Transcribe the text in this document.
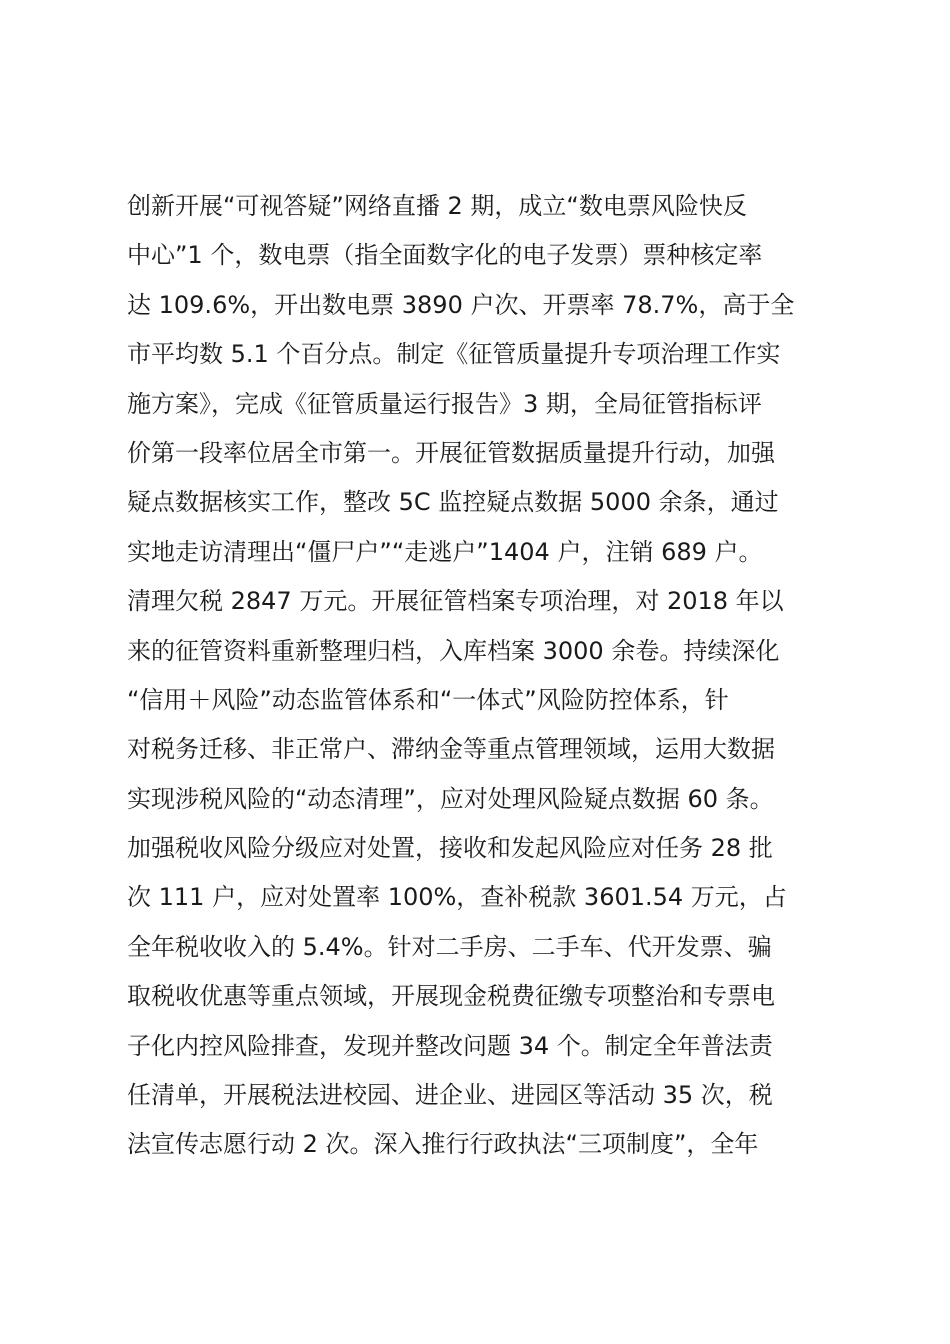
创新开展“可视答疑”网络直播 2 期，成立“数电票风险快反
中心”1 个，数电票（指全面数字化的电子发票）票种核定率
达 109.6%，开出数电票 3890 户次、开票率 78.7%，高于全
市平均数 5.1 个百分点。制定《征管质量提升专项治理工作实
施方案》，完成《征管质量运行报告》3 期，全局征管指标评
价第一段率位居全市第一。开展征管数据质量提升行动，加强
疑点数据核实工作，整改 5C 监控疑点数据 5000 余条，通过
实地走访清理出“僵尸户”“走逃户”1404 户，注销 689 户。
清理欠税 2847 万元。开展征管档案专项治理，对 2018 年以
来的征管资料重新整理归档，入库档案 3000 余卷。持续深化
“信用＋风险”动态监管体系和“一体式”风险防控体系，针
对税务迁移、非正常户、滞纳金等重点管理领域，运用大数据
实现涉税风险的“动态清理”，应对处理风险疑点数据 60 条。
加强税收风险分级应对处置，接收和发起风险应对任务 28 批
次 111 户，应对处置率 100%，查补税款 3601.54 万元，占
全年税收收入的 5.4%。针对二手房、二手车、代开发票、骗
取税收优惠等重点领域，开展现金税费征缴专项整治和专票电
子化内控风险排查，发现并整改问题 34 个。制定全年普法责
任清单，开展税法进校园、进企业、进园区等活动 35 次，税
法宣传志愿行动 2 次。深入推行行政执法“三项制度”，全年
